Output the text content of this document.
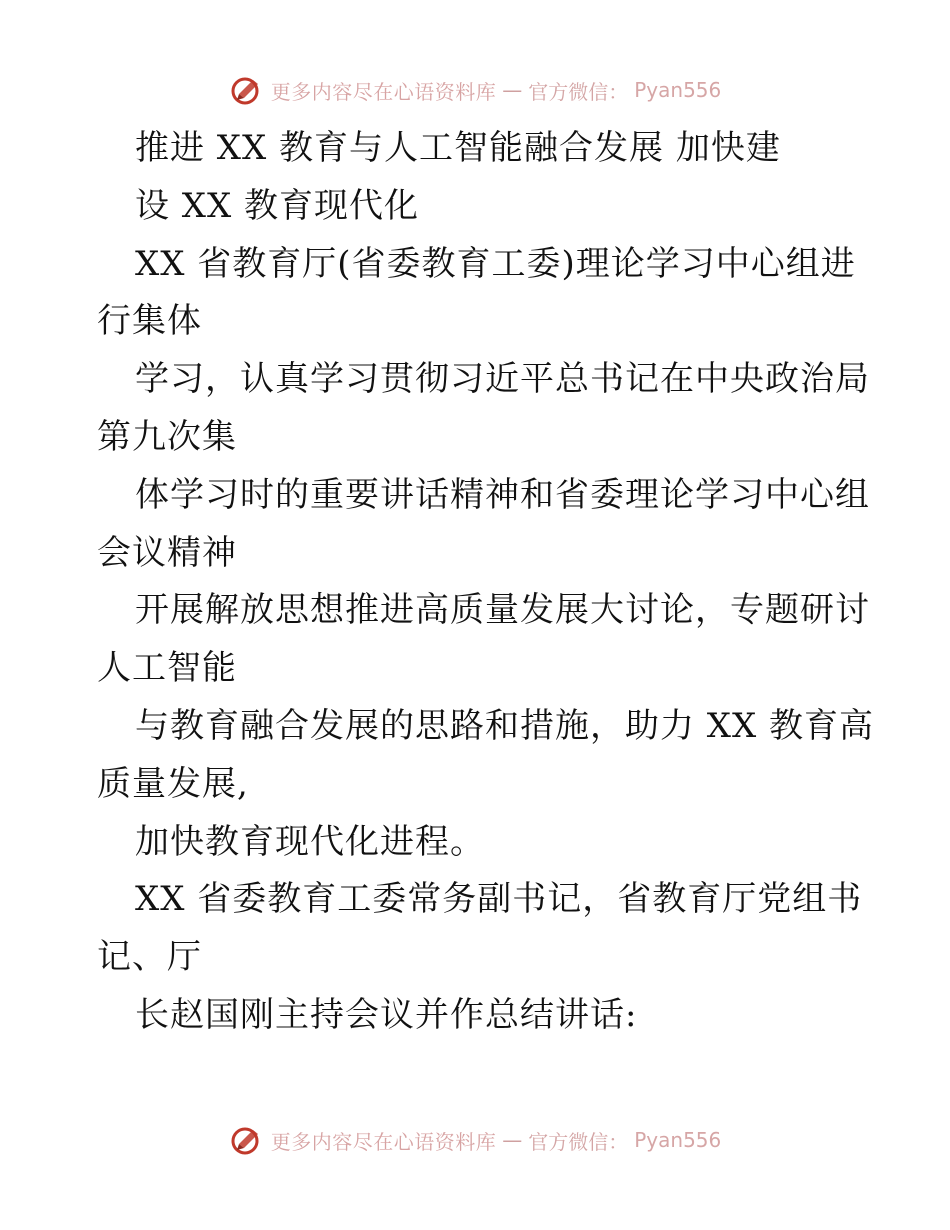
更多内容尽在心语资料库 — 官方微信： Pyan556
推进 XX 教育与人工智能融合发展 加快建
设 XX 教育现代化
XX 省教育厅(省委教育工委)理论学习中心组进
行集体
学习，认真学习贯彻习近平总书记在中央政治局
第九次集
体学习时的重要讲话精神和省委理论学习中心组
会议精神
开展解放思想推进高质量发展大讨论，专题研讨
人工智能
与教育融合发展的思路和措施，助力 XX 教育高
质量发展,
加快教育现代化进程。
XX 省委教育工委常务副书记，省教育厅党组书
记、厅
长赵国刚主持会议并作总结讲话:
更多内容尽在心语资料库 — 官方微信： Pyan556
